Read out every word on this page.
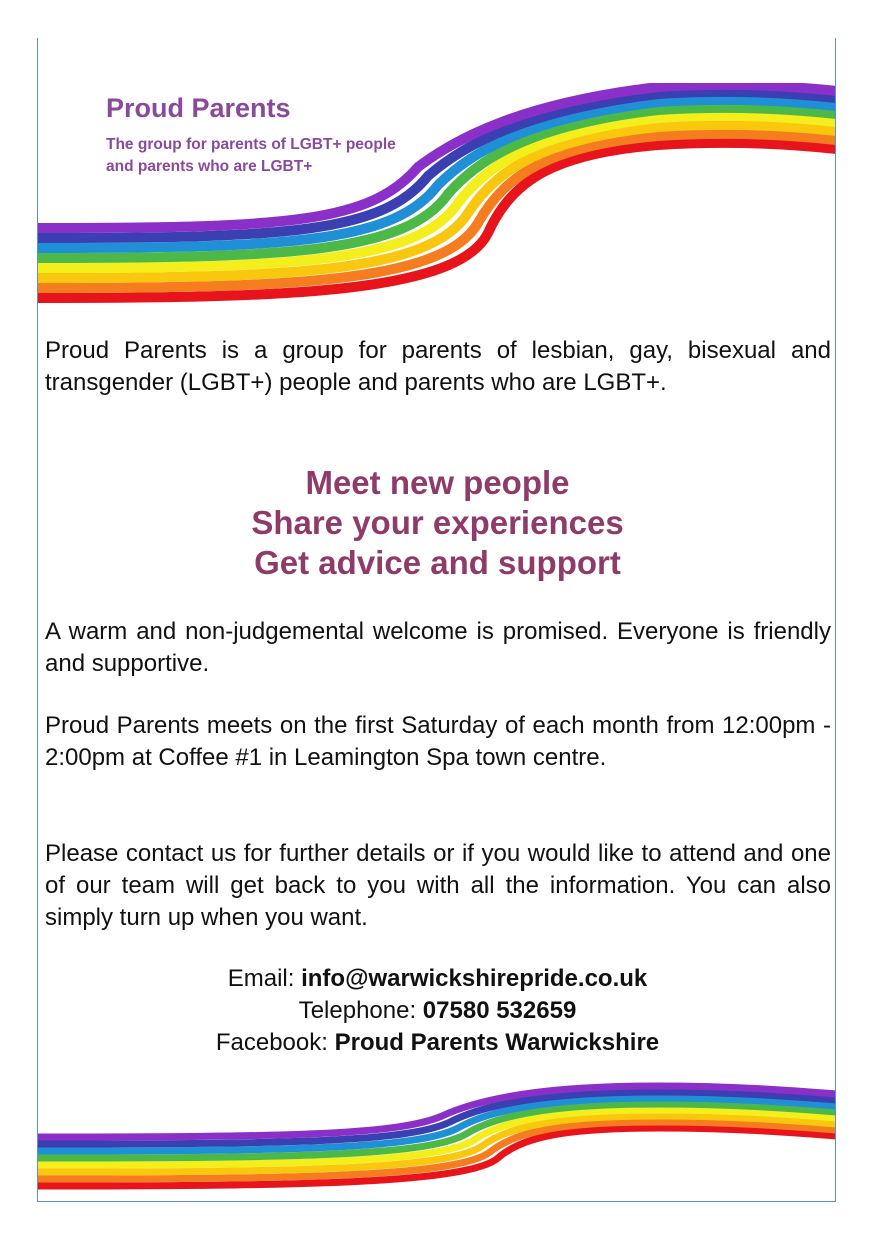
Proud Parents
The group for parents of LGBT+ people
and parents who are LGBT+
Proud Parents is a group for parents of lesbian, gay, bisexual and transgender (LGBT+) people and parents who are LGBT+.
Meet new people
Share your experiences
Get advice and support
A warm and non-judgemental welcome is promised. Everyone is friendly and supportive.
Proud Parents meets on the first Saturday of each month from 12:00pm - 2:00pm at Coffee #1 in Leamington Spa town centre.
Please contact us for further details or if you would like to attend and one of our team will get back to you with all the information. You can also simply turn up when you want.
Email: info@warwickshirepride.co.uk
Telephone: 07580 532659
Facebook: Proud Parents Warwickshire
